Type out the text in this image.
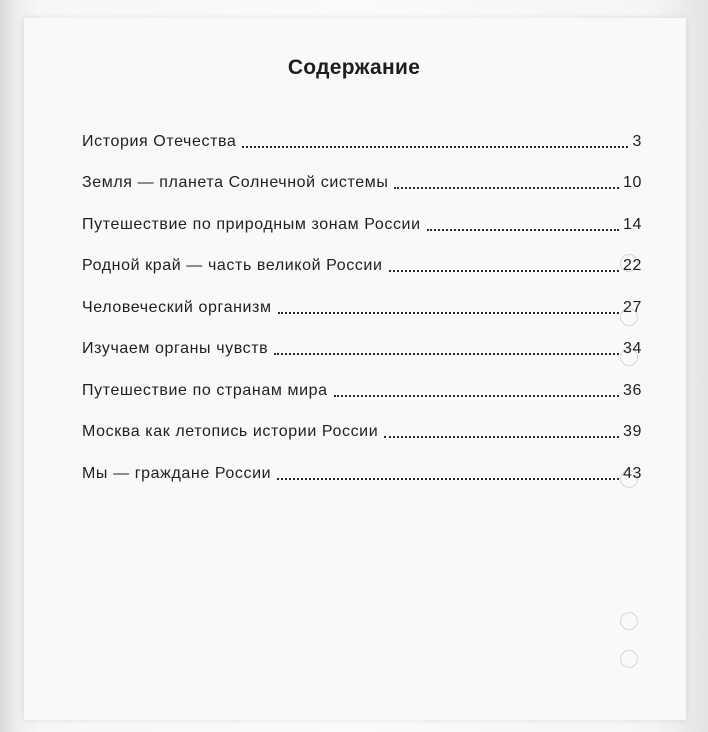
Содержание
История Отечества	3
Земля — планета Солнечной системы	10
Путешествие по природным зонам России	14
Родной край — часть великой России	22
Человеческий организм	27
Изучаем органы чувств	34
Путешествие по странам мира	36
Москва как летопись истории России	39
Мы — граждане России	43
